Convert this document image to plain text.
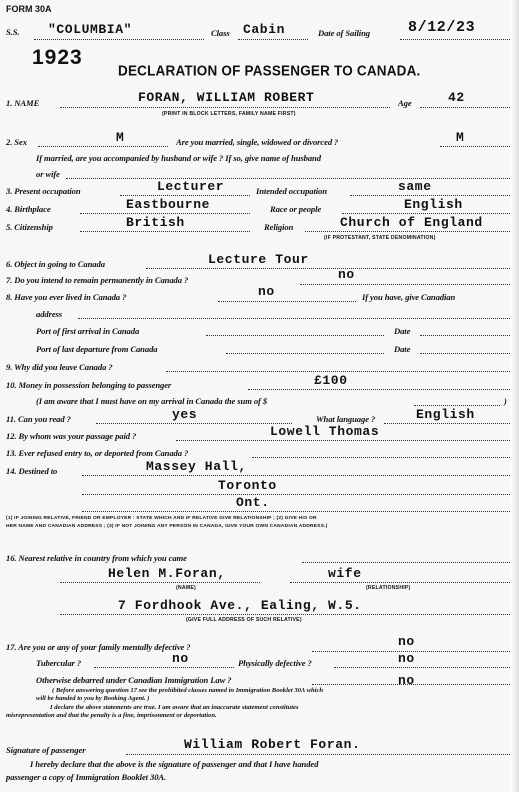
FORM 30A
S.S. "COLUMBIA"	Class Cabin	Date of Sailing	8/12/23
1923
DECLARATION OF PASSENGER TO CANADA.
1. NAME	FORAN, WILLIAM ROBERT
(PRINT IN BLOCK LETTERS, FAMILY NAME FIRST)
Age	42
2. Sex	M	Are you married, single, widowed or divorced ?	M
If married, are you accompanied by husband or wife ? If so, give name of husband
or wife
3. Present occupation	Lecturer	Intended occupation	same
4. Birthplace	Eastbourne	Race or people	English
5. Citizenship	British	Religion	Church of England
(IF PROTESTANT, STATE DENOMINATION)
6. Object in going to Canada	Lecture Tour
7. Do you intend to remain permanently in Canada ?	no
8. Have you ever lived in Canada ?	no	If you have, give Canadian
address
Port of first arrival in Canada	Date
Port of last departure from Canada	Date
9. Why did you leave Canada ?
10. Money in possession belonging to passenger	£100
(I am aware that I must have on my arrival in Canada the sum of $	)
11. Can you read ?	yes	What language ?	English
12. By whom was your passage paid ?	Lowell Thomas
13. Ever refused entry to, or deported from Canada ?
14. Destined to	Massey Hall,
Toronto
Ont.
(1) IF JOINING RELATIVE, FRIEND OR EMPLOYER : STATE WHICH AND IF RELATIVE GIVE RELATIONSHIP ; (2) GIVE HIS OR
HER NAME AND CANADIAN ADDRESS ; (3) IF NOT JOINING ANY PERSON IN CANADA, GIVE YOUR OWN CANADIAN ADDRESS.)
16. Nearest relative in country from which you came
Helen M.Foran,	wife
(NAME)	(RELATIONSHIP)
7 Fordhook Ave., Ealing, W.5.
(GIVE FULL ADDRESS OF SUCH RELATIVE)
17. Are you or any of your family mentally defective ?	no
Tubercular ?	no	Physically defective ?	no
Otherwise debarred under Canadian Immigration Law ?	no
( Before answering question 17 see the prohibited classes named in Immigration Booklet 30A which
will be handed to you by Booking Agent. )
I declare the above statements are true. I am aware that an inaccurate statement constitutes
misrepresentation and that the penalty is a fine, imprisonment or deportation.
Signature of passenger	William Robert Foran.
I hereby declare that the above is the signature of passenger and that I have handed
passenger a copy of Immigration Booklet 30A.
